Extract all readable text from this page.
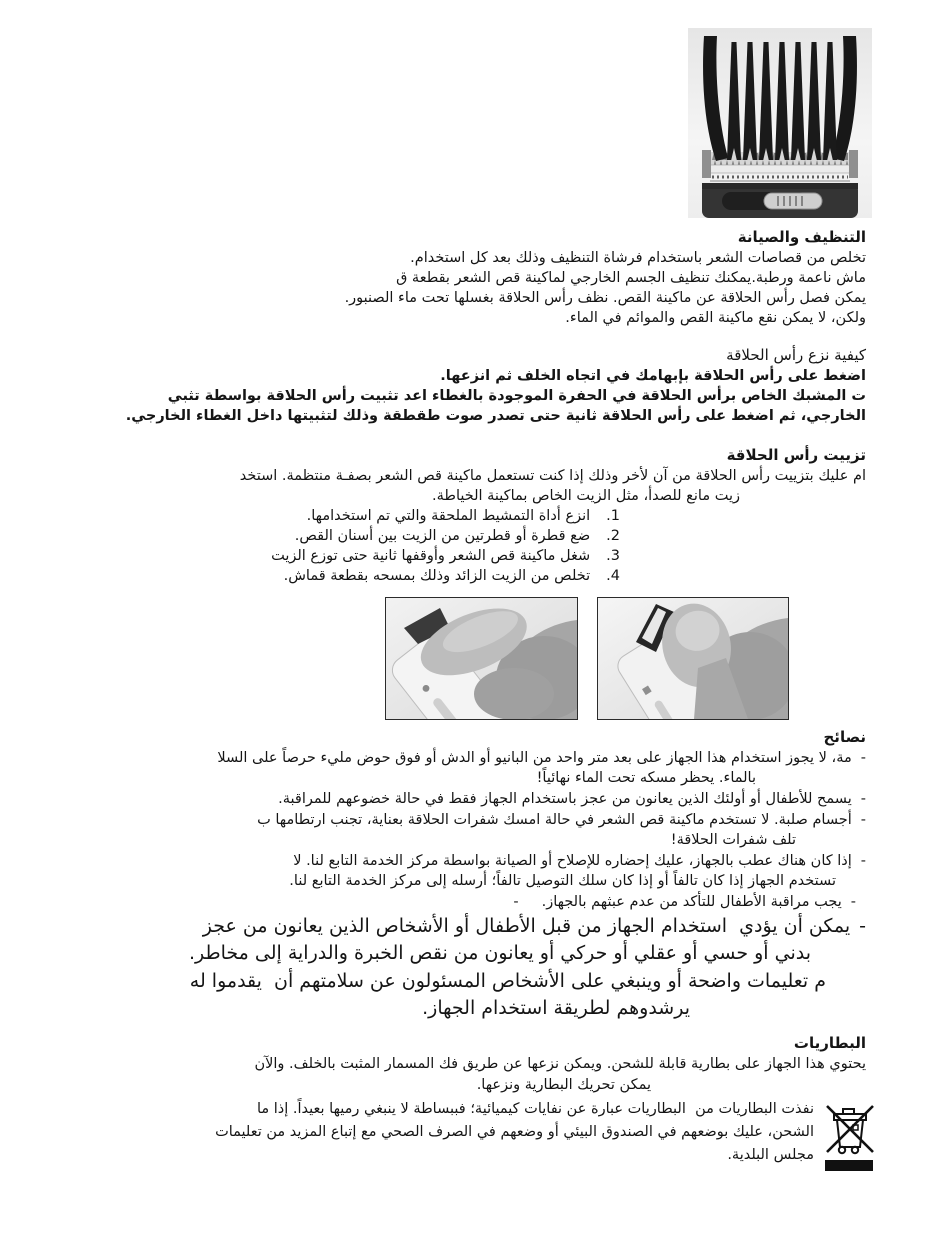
التنظيف والصيانة
تخلص من قصاصات الشعر باستخدام فرشاة التنظيف وذلك بعد كل استخدام.
ماش ناعمة ورطبة.يمكنك تنظيف الجسم الخارجي لماكينة قص الشعر بقطعة ق
يمكن فصل رأس الحلاقة عن ماكينة القص. نظف رأس الحلاقة بغسلها تحت ماء الصنبور.
ولكن، لا يمكن نقع ماكينة القص والموائم في الماء.
كيفية نزع رأس الحلاقة
اضغط على رأس الحلاقة بإبهامك في اتجاه الخلف ثم انزعها.
ت المشبك الخاص برأس الحلاقة في الحفرة الموجودة بالغطاء اعد تثبيت رأس الحلاقة بواسطة تثبي
الخارجي، ثم اضغط على رأس الحلاقة ثانية حتى تصدر صوت طقطقة وذلك لتثبيتها داخل الغطاء الخارجي.
تزييت رأس الحلاقة
ام عليك بتزييت رأس الحلاقة من آن لأخر وذلك إذا كنت تستعمل ماكينة قص الشعر بصفـة منتظمة. استخد
زيت مانع للصدأ، مثل الزيت الخاص بماكينة الخياطة.
1.انزع أداة التمشيط الملحقة والتي تم استخدامها.
2.ضع قطرة أو قطرتين من الزيت بين أسنان القص.
3.شغل ماكينة قص الشعر وأوقفها ثانية حتى توزع الزيت
4.تخلص من الزيت الزائد وذلك بمسحه بقطعة قماش.
نصائح
-مة، لا يجوز استخدام هذا الجهاز على بعد متر واحد من البانيو أو الدش أو فوق حوض مليء حرصاً على السلا
بالماء. يحظر مسكه تحت الماء نهائياً!
-يسمح للأطفال أو أولئك الذين يعانون من عجز باستخدام الجهاز فقط في حالة خضوعهم للمراقبة.
-أجسام صلبة. لا تستخدم ماكينة قص الشعر في حالة امسك شفرات الحلاقة بعناية، تجنب ارتطامها ب
تلف شفرات الحلاقة!
-إذا كان هناك عطب بالجهاز، عليك إحضاره للإصلاح أو الصيانة بواسطة مركز الخدمة التابع لنا. لا
تستخدم الجهاز إذا كان تالفاً أو إذا كان سلك التوصيل تالفاً؛ أرسله إلى مركز الخدمة التابع لنا.
-يجب مراقبة الأطفال للتأكد من عدم عبثهم بالجهاز.     -
-يمكن أن يؤدي  استخدام الجهاز من قبل الأطفال أو الأشخاص الذين يعانون من عجز
بدني أو حسي أو عقلي أو حركي أو يعانون من نقص الخبرة والدراية إلى مخاطر.
م تعليمات واضحة أو وينبغي على الأشخاص المسئولون عن سلامتهم أن  يقدموا له
يرشدوهم لطريقة استخدام الجهاز.
البطاريات
يحتوي هذا الجهاز على بطارية قابلة للشحن. ويمكن نزعها عن طريق فك المسمار المثبت بالخلف. والآن
يمكن تحريك البطارية ونزعها.
نفذت البطاريات من  البطاريات عبارة عن نفايات كيميائية؛ فببساطة لا ينبغي رميها بعيداً. إذا ما
الشحن، عليك بوضعهم في الصندوق البيئي أو وضعهم في الصرف الصحي مع إتباع المزيد من تعليمات
مجلس البلدية.
